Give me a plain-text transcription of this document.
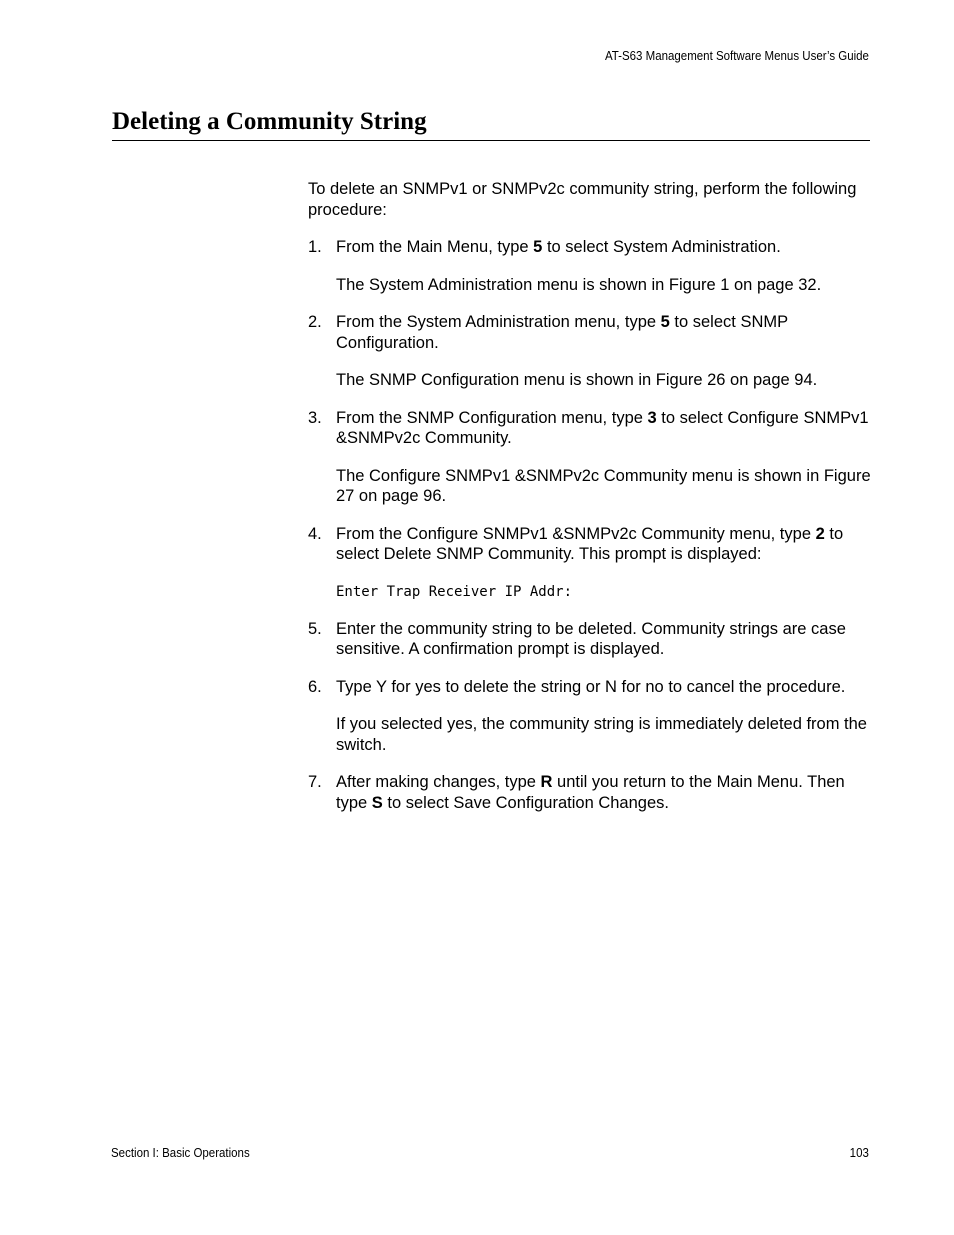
AT-S63 Management Software Menus User’s Guide
Deleting a Community String

To delete an SNMPv1 or SNMPv2c community string, perform the following procedure:

1. From the Main Menu, type 5 to select System Administration.

The System Administration menu is shown in Figure 1 on page 32.

2. From the System Administration menu, type 5 to select SNMP Configuration.

The SNMP Configuration menu is shown in Figure 26 on page 94.

3. From the SNMP Configuration menu, type 3 to select Configure SNMPv1 &SNMPv2c Community.

The Configure SNMPv1 &SNMPv2c Community menu is shown in Figure 27 on page 96.

4. From the Configure SNMPv1 &SNMPv2c Community menu, type 2 to select Delete SNMP Community. This prompt is displayed:

Enter Trap Receiver IP Addr:
5. Enter the community string to be deleted. Community strings are case sensitive. A confirmation prompt is displayed.

6. Type Y for yes to delete the string or N for no to cancel the procedure.

If you selected yes, the community string is immediately deleted from the switch.

7. After making changes, type R until you return to the Main Menu. Then type S to select Save Configuration Changes.

Section I: Basic Operations	103
